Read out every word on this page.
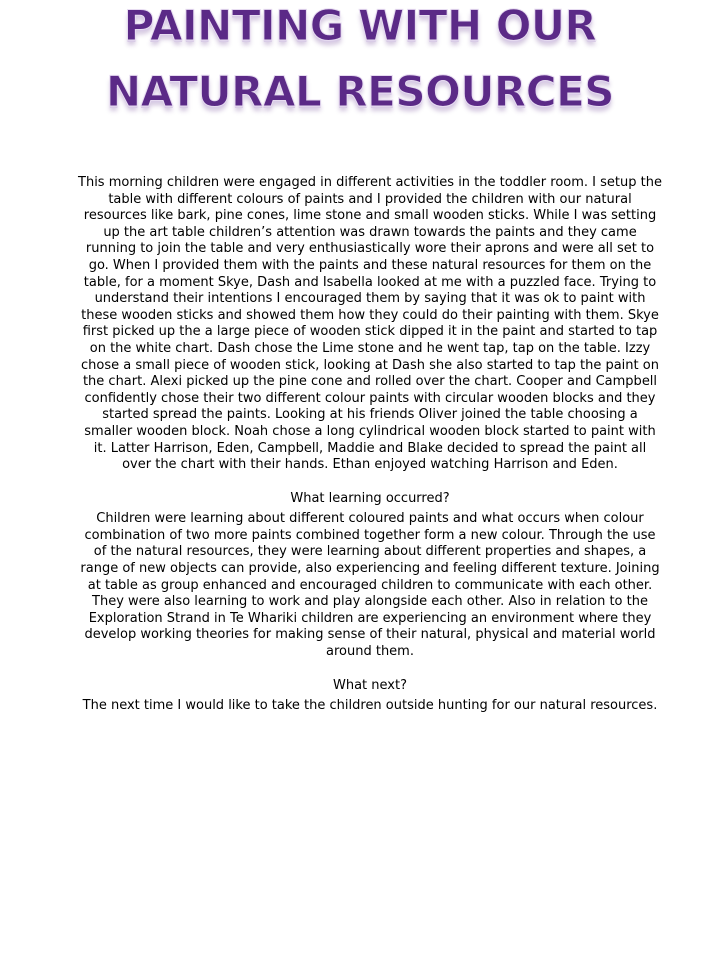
PAINTING WITH OUR
NATURAL RESOURCES

This morning children were engaged in different activities in the toddler room. I setup the table with different colours of paints and I provided the children with our natural resources like bark, pine cones, lime stone and small wooden sticks. While I was setting up the art table children’s attention was drawn towards the paints and they came running to join the table and very enthusiastically wore their aprons and were all set to go. When I provided them with the paints and these natural resources for them on the table, for a moment Skye, Dash and Isabella looked at me with a puzzled face. Trying to understand their intentions I encouraged them by saying that it was ok to paint with these wooden sticks and showed them how they could do their painting with them. Skye first picked up the a large piece of wooden stick dipped it in the paint and started to tap on the white chart. Dash chose the Lime stone and he went tap, tap on the table. Izzy chose a small piece of wooden stick, looking at Dash she also started to tap the paint on the chart. Alexi picked up the pine cone and rolled over the chart. Cooper and Campbell confidently chose their two different colour paints with circular wooden blocks and they started spread the paints. Looking at his friends Oliver joined the table choosing a smaller wooden block. Noah chose a long cylindrical wooden block started to paint with it. Latter Harrison, Eden, Campbell, Maddie and Blake decided to spread the paint all over the chart with their hands. Ethan enjoyed watching Harrison and Eden.

What learning occurred?

Children were learning about different coloured paints and what occurs when colour combination of two more paints combined together form a new colour. Through the use of the natural resources, they were learning about different properties and shapes, a range of new objects can provide, also experiencing and feeling different texture. Joining at table as group enhanced and encouraged children to communicate with each other. They were also learning to work and play alongside each other. Also in relation to the Exploration Strand in Te Whariki children are experiencing an environment where they develop working theories for making sense of their natural, physical and material world around them.

What next?

The next time I would like to take the children outside hunting for our natural resources.
